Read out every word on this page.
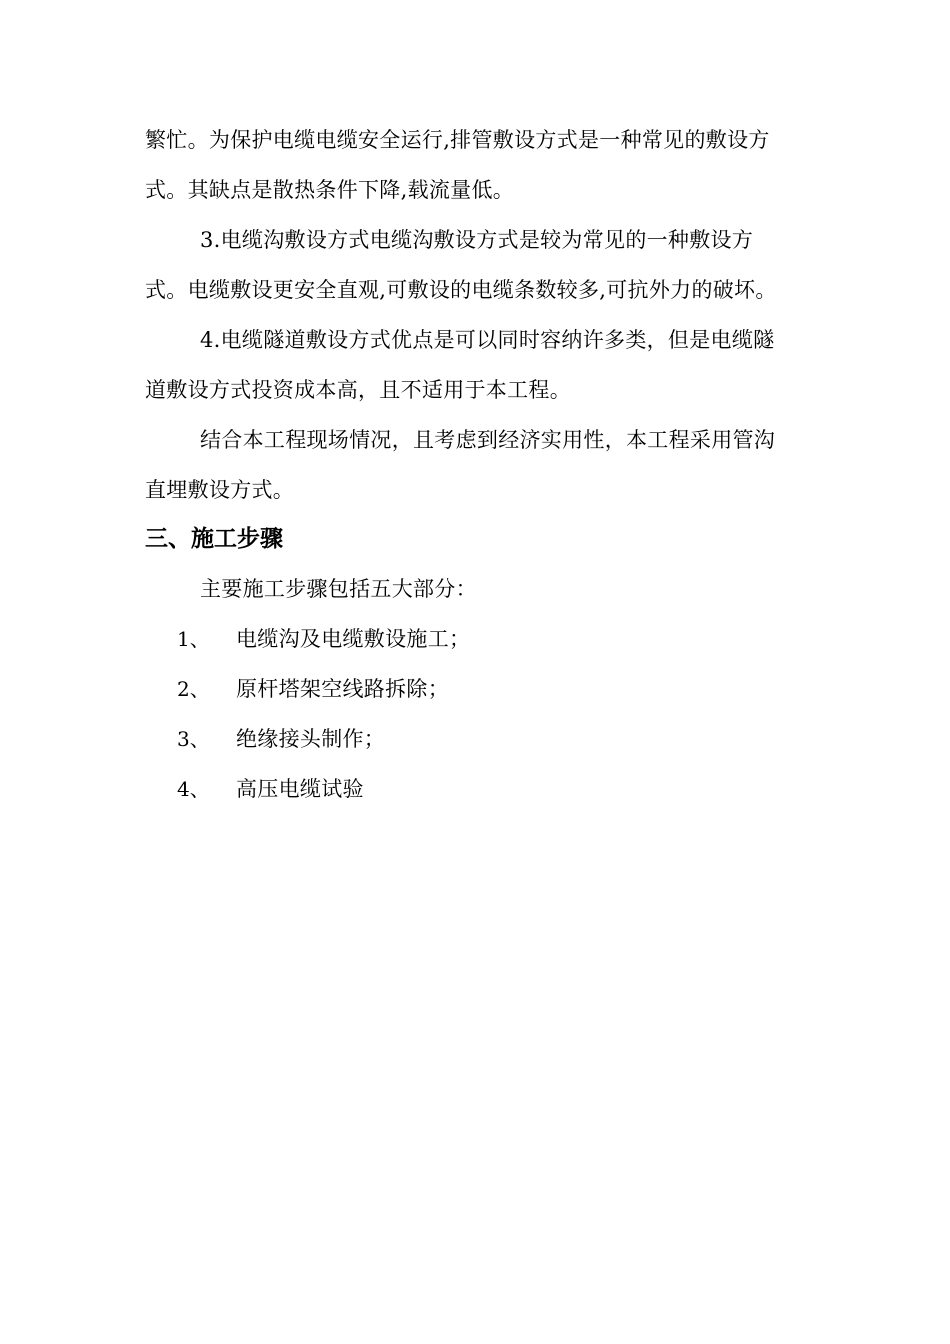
繁忙。为保护电缆电缆安全运行,排管敷设方式是一种常见的敷设方
式。其缺点是散热条件下降,载流量低。
3.电缆沟敷设方式电缆沟敷设方式是较为常见的一种敷设方
式。电缆敷设更安全直观,可敷设的电缆条数较多,可抗外力的破坏。
4.电缆隧道敷设方式优点是可以同时容纳许多类，但是电缆隧
道敷设方式投资成本高，且不适用于本工程。
结合本工程现场情况，且考虑到经济实用性，本工程采用管沟
直埋敷设方式。
三、施工步骤
主要施工步骤包括五大部分：
1、 电缆沟及电缆敷设施工；
2、 原杆塔架空线路拆除；
3、 绝缘接头制作；
4、 高压电缆试验
